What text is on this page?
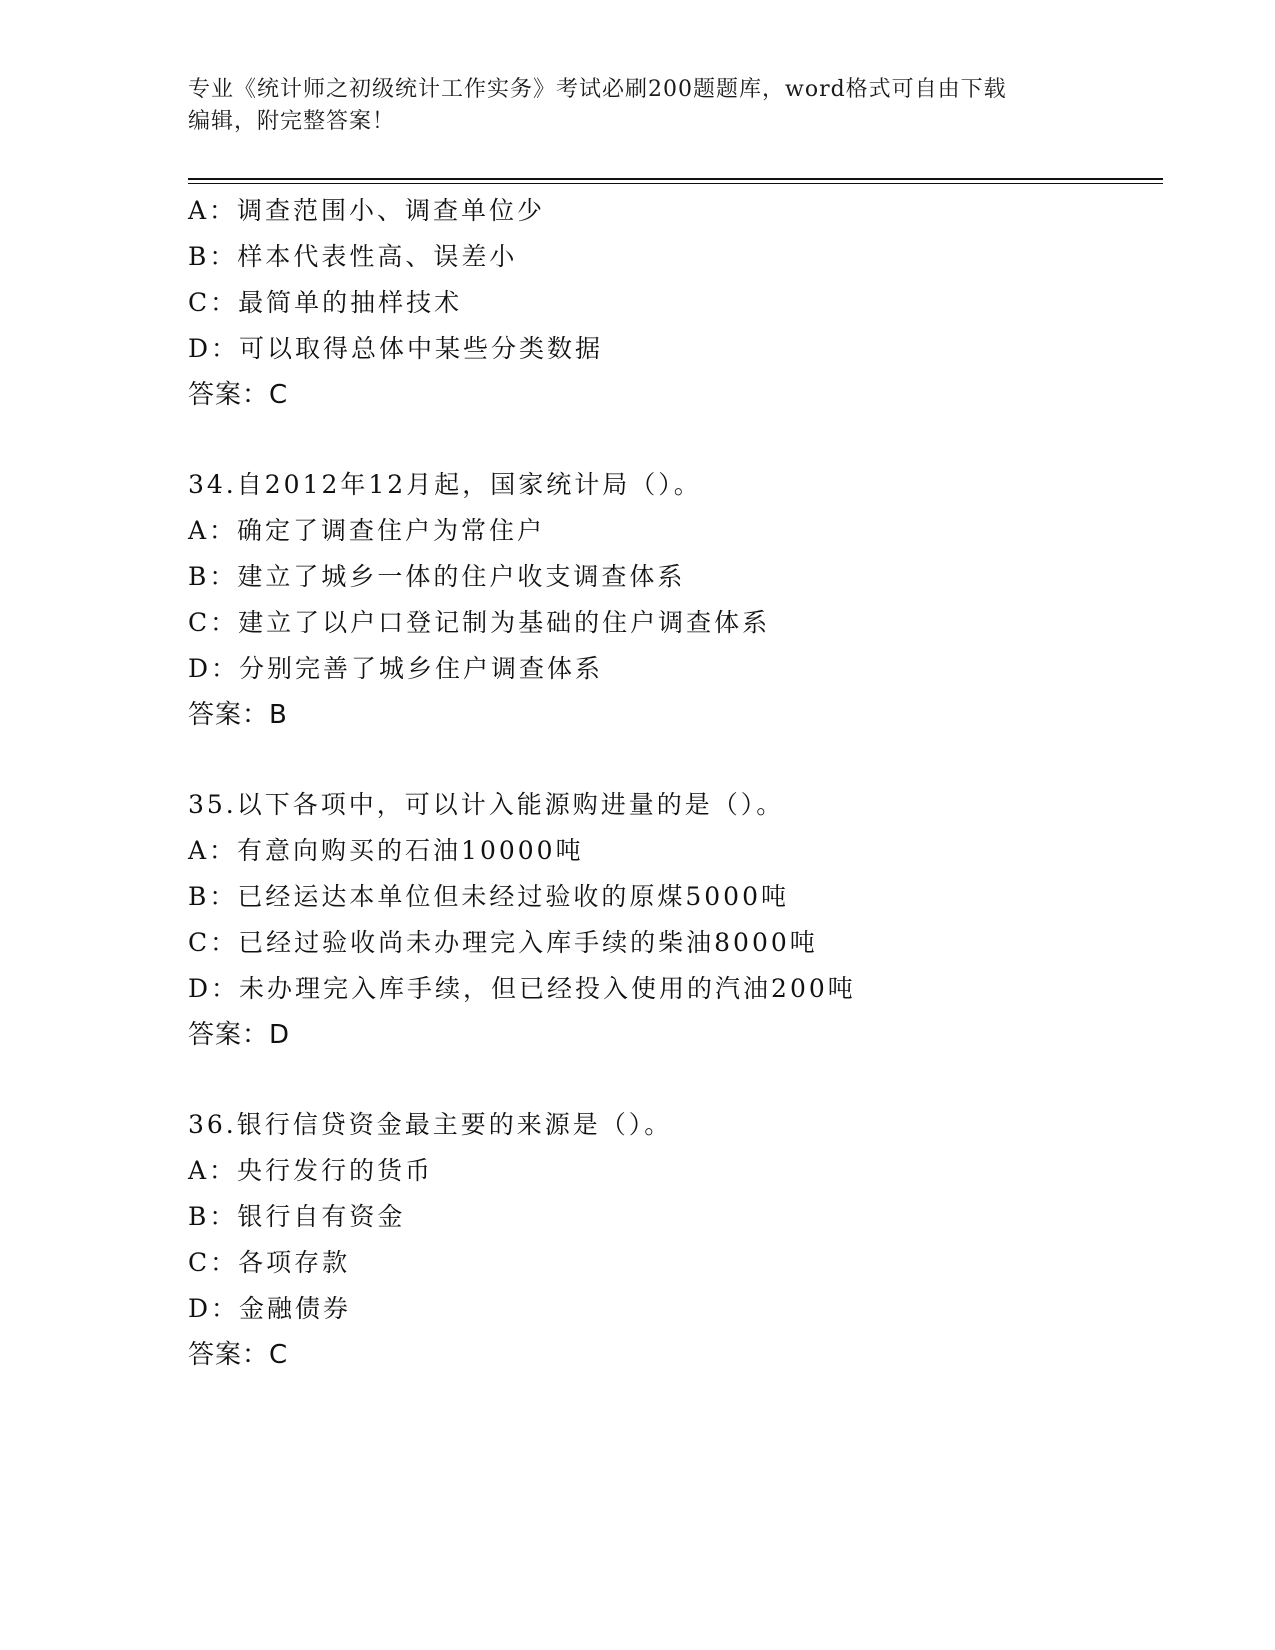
专业《统计师之初级统计工作实务》考试必刷200题题库，word格式可自由下载
编辑，附完整答案！
A：调查范围小、调查单位少
B：样本代表性高、误差小
C：最简单的抽样技术
D：可以取得总体中某些分类数据
答案：C
34.自2012年12月起，国家统计局（）。
A：确定了调查住户为常住户
B：建立了城乡一体的住户收支调查体系
C：建立了以户口登记制为基础的住户调查体系
D：分别完善了城乡住户调查体系
答案：B
35.以下各项中，可以计入能源购进量的是（）。
A：有意向购买的石油10000吨
B：已经运达本单位但未经过验收的原煤5000吨
C：已经过验收尚未办理完入库手续的柴油8000吨
D：未办理完入库手续，但已经投入使用的汽油200吨
答案：D
36.银行信贷资金最主要的来源是（）。
A：央行发行的货币
B：银行自有资金
C：各项存款
D：金融债券
答案：C
